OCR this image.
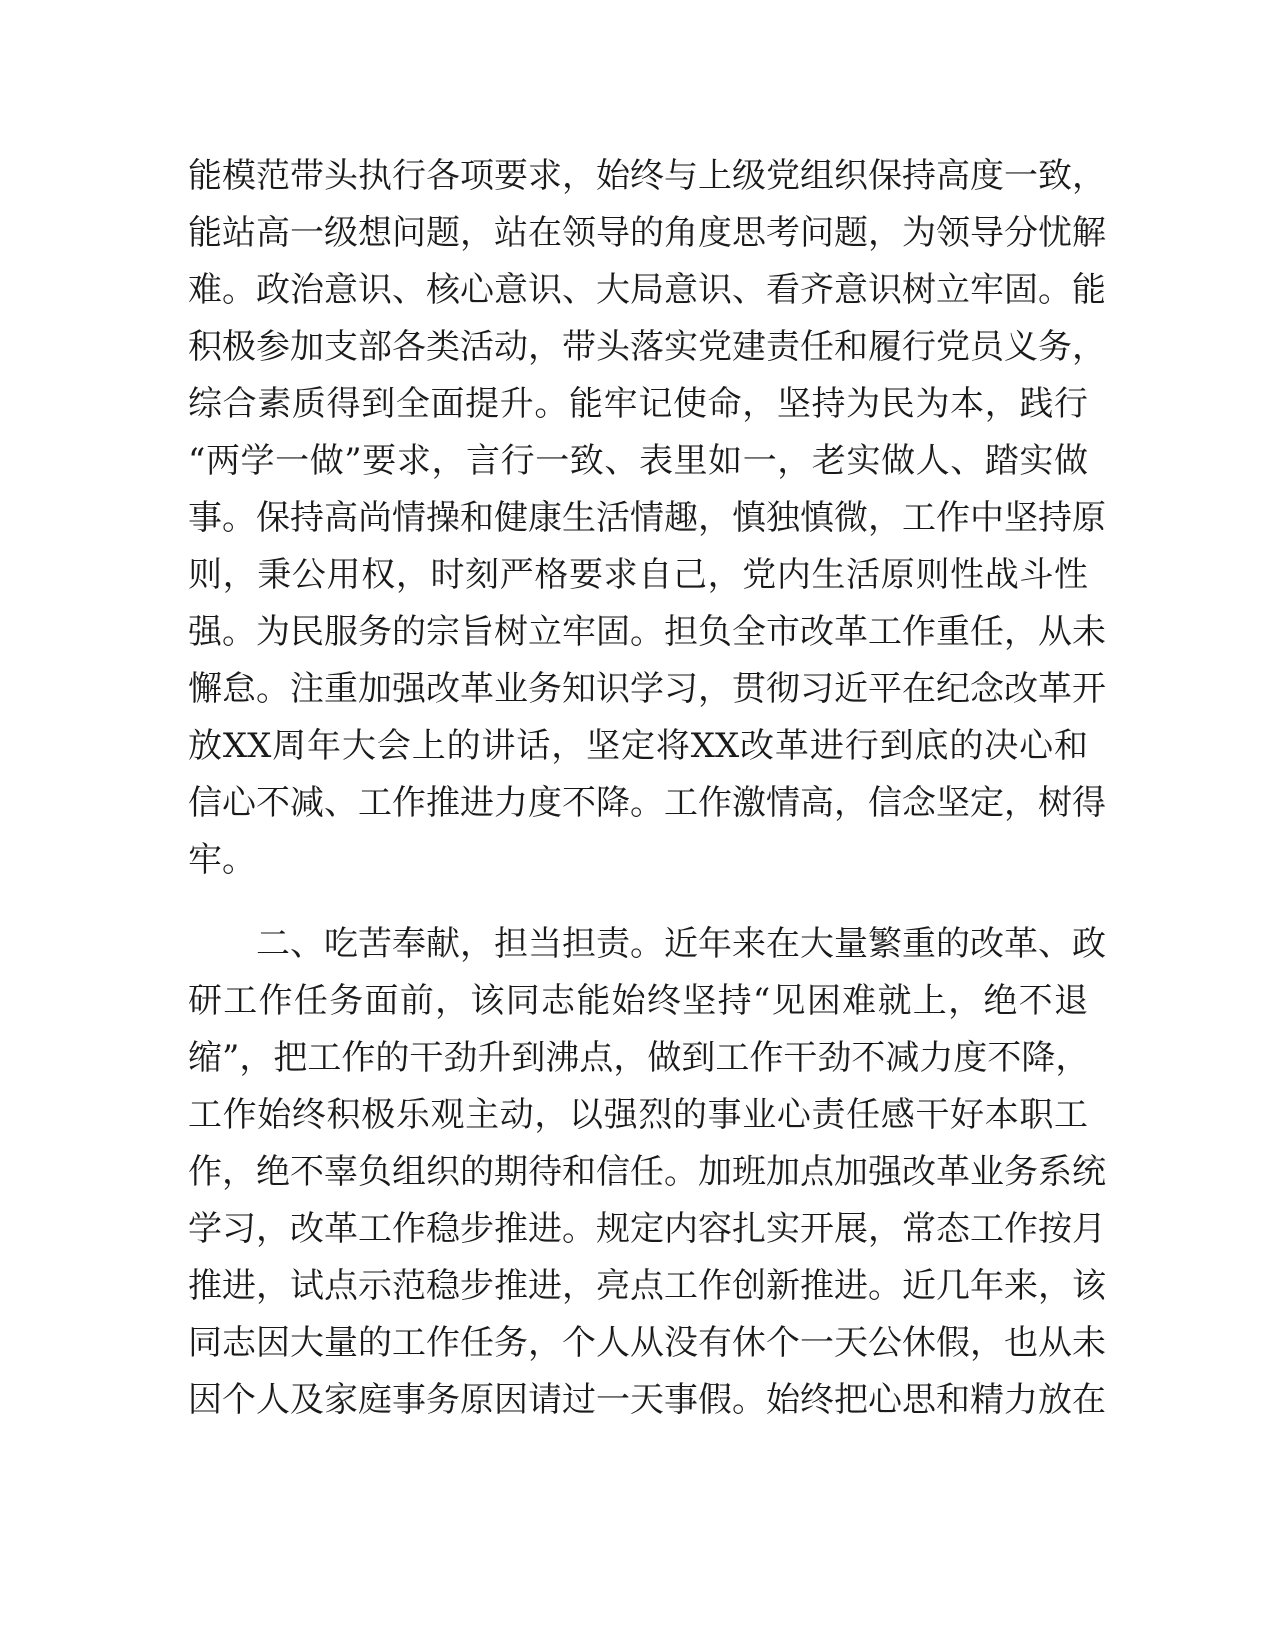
能模范带头执行各项要求，始终与上级党组织保持高度一致，
能站高一级想问题，站在领导的角度思考问题，为领导分忧解
难。政治意识、核心意识、大局意识、看齐意识树立牢固。能
积极参加支部各类活动，带头落实党建责任和履行党员义务，
综合素质得到全面提升。能牢记使命，坚持为民为本，践行
“两学一做”要求，言行一致、表里如一，老实做人、踏实做
事。保持高尚情操和健康生活情趣，慎独慎微，工作中坚持原
则，秉公用权，时刻严格要求自己，党内生活原则性战斗性
强。为民服务的宗旨树立牢固。担负全市改革工作重任，从未
懈怠。注重加强改革业务知识学习，贯彻习近平在纪念改革开
放XX周年大会上的讲话，坚定将XX改革进行到底的决心和
信心不减、工作推进力度不降。工作激情高，信念坚定，树得
牢。
二、吃苦奉献，担当担责。近年来在大量繁重的改革、政
研工作任务面前，该同志能始终坚持“见困难就上，绝不退
缩”，把工作的干劲升到沸点，做到工作干劲不减力度不降，
工作始终积极乐观主动，以强烈的事业心责任感干好本职工
作，绝不辜负组织的期待和信任。加班加点加强改革业务系统
学习，改革工作稳步推进。规定内容扎实开展，常态工作按月
推进，试点示范稳步推进，亮点工作创新推进。近几年来，该
同志因大量的工作任务，个人从没有休个一天公休假，也从未
因个人及家庭事务原因请过一天事假。始终把心思和精力放在
